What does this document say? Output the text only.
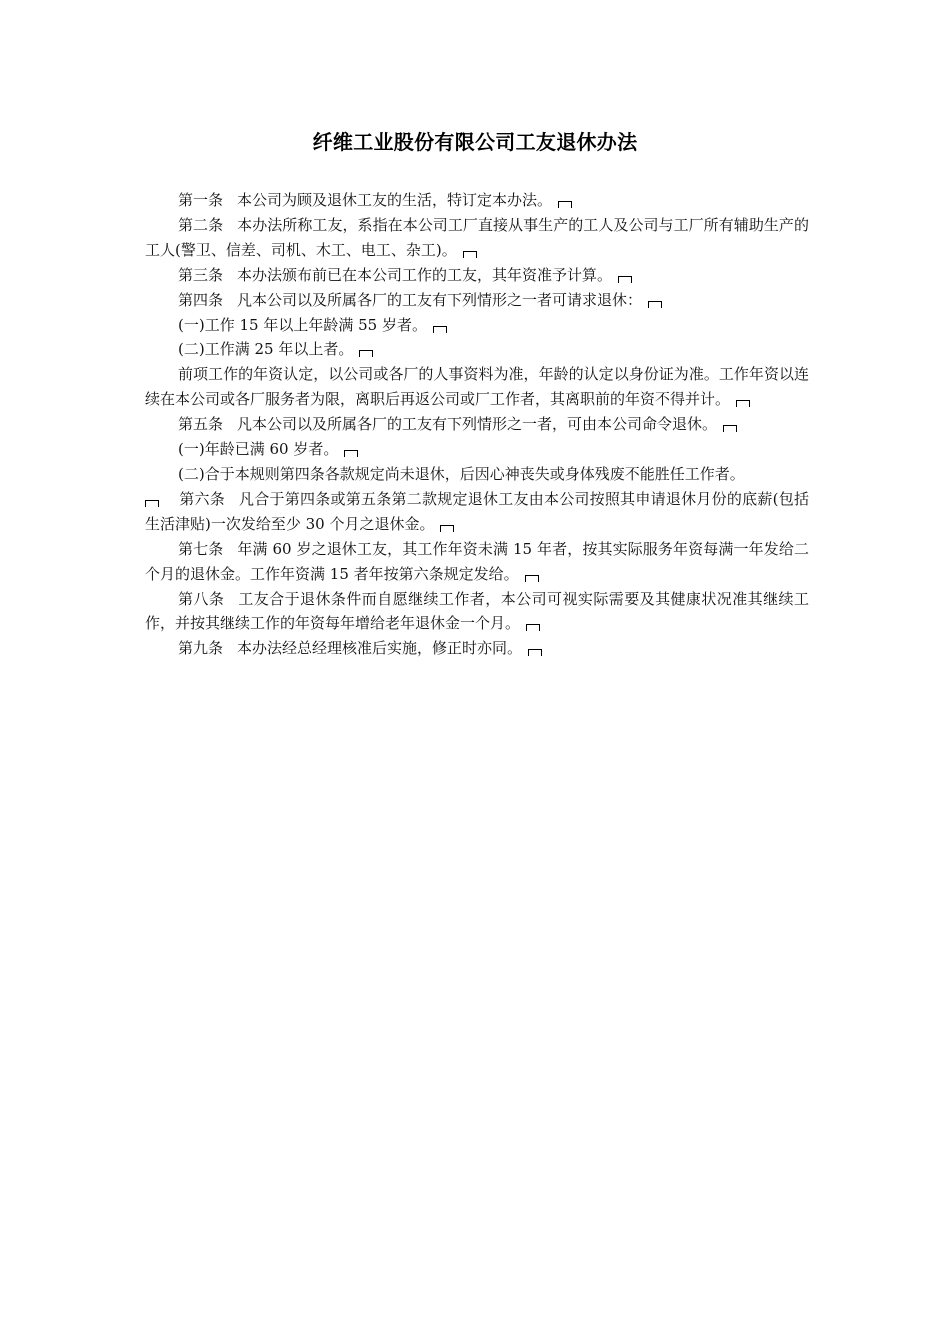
纤维工业股份有限公司工友退休办法

第一条 本公司为顾及退休工友的生活，特订定本办法。

第二条 本办法所称工友，系指在本公司工厂直接从事生产的工人及公司与工厂所有辅助生产的工人(警卫、信差、司机、木工、电工、杂工)。

第三条 本办法颁布前已在本公司工作的工友，其年资准予计算。

第四条 凡本公司以及所属各厂的工友有下列情形之一者可请求退休：

(一)工作 15 年以上年龄满 55 岁者。

(二)工作满 25 年以上者。

前项工作的年资认定，以公司或各厂的人事资料为准，年龄的认定以身份证为准。工作年资以连续在本公司或各厂服务者为限，离职后再返公司或厂工作者，其离职前的年资不得并计。

第五条 凡本公司以及所属各厂的工友有下列情形之一者，可由本公司命令退休。

(一)年龄已满 60 岁者。

(二)合于本规则第四条各款规定尚未退休，后因心神丧失或身体残废不能胜任工作者。

第六条 凡合于第四条或第五条第二款规定退休工友由本公司按照其申请退休月份的底薪(包括生活津贴)一次发给至少 30 个月之退休金。

第七条 年满 60 岁之退休工友，其工作年资未满 15 年者，按其实际服务年资每满一年发给二个月的退休金。工作年资满 15 者年按第六条规定发给。

第八条 工友合于退休条件而自愿继续工作者，本公司可视实际需要及其健康状况准其继续工作，并按其继续工作的年资每年增给老年退休金一个月。

第九条 本办法经总经理核准后实施，修正时亦同。
